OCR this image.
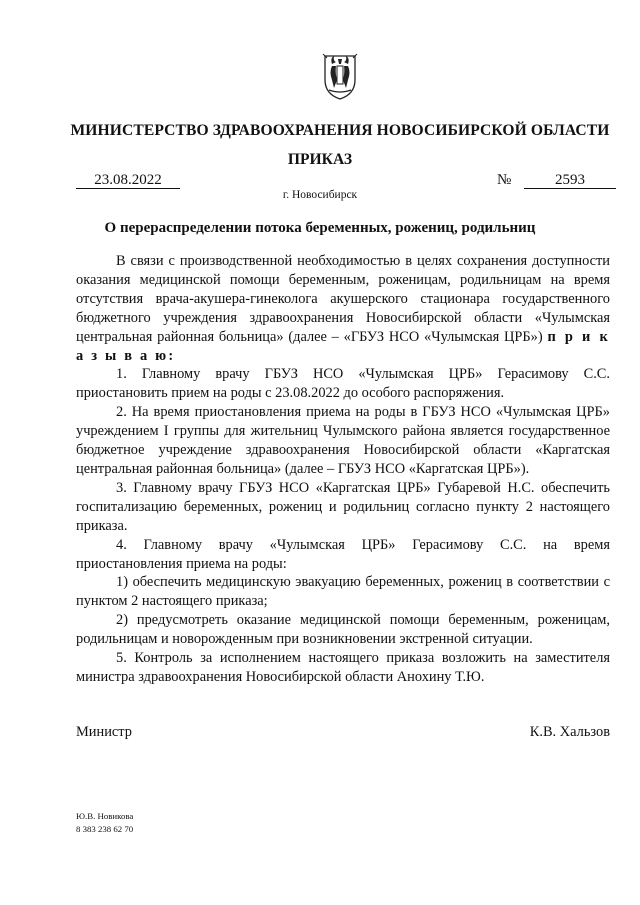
МИНИСТЕРСТВО ЗДРАВООХРАНЕНИЯ НОВОСИБИРСКОЙ ОБЛАСТИ
ПРИКАЗ
23.08.2022	№	2593
г. Новосибирск
О перераспределении потока беременных, рожениц, родильниц

В связи с производственной необходимостью в целях сохранения доступности оказания медицинской помощи беременным, роженицам, родильницам на время отсутствия врача-акушера-гинеколога акушерского стационара государственного бюджетного учреждения здравоохранения Новосибирской области «Чулымская центральная районная больница» (далее – «ГБУЗ НСО «Чулымская ЦРБ») п р и к а з ы в а ю:

1. Главному врачу ГБУЗ НСО «Чулымская ЦРБ» Герасимову С.С. приостановить прием на роды с 23.08.2022 до особого распоряжения.

2. На время приостановления приема на роды в ГБУЗ НСО «Чулымская ЦРБ» учреждением I группы для жительниц Чулымского района является государственное бюджетное учреждение здравоохранения Новосибирской области «Каргатская центральная районная больница» (далее – ГБУЗ НСО «Каргатская ЦРБ»).

3. Главному врачу ГБУЗ НСО «Каргатская ЦРБ» Губаревой Н.С. обеспечить госпитализацию беременных, рожениц и родильниц согласно пункту 2 настоящего приказа.

4. Главному врачу «Чулымская ЦРБ» Герасимову С.С. на время приостановления приема на роды:

1) обеспечить медицинскую эвакуацию беременных, рожениц в соответствии с пунктом 2 настоящего приказа;

2) предусмотреть оказание медицинской помощи беременным, роженицам, родильницам и новорожденным при возникновении экстренной ситуации.

5. Контроль за исполнением настоящего приказа возложить на заместителя министра здравоохранения Новосибирской области Анохину Т.Ю.

Министр	К.В. Хальзов
Ю.В. Новикова
8 383 238 62 70
